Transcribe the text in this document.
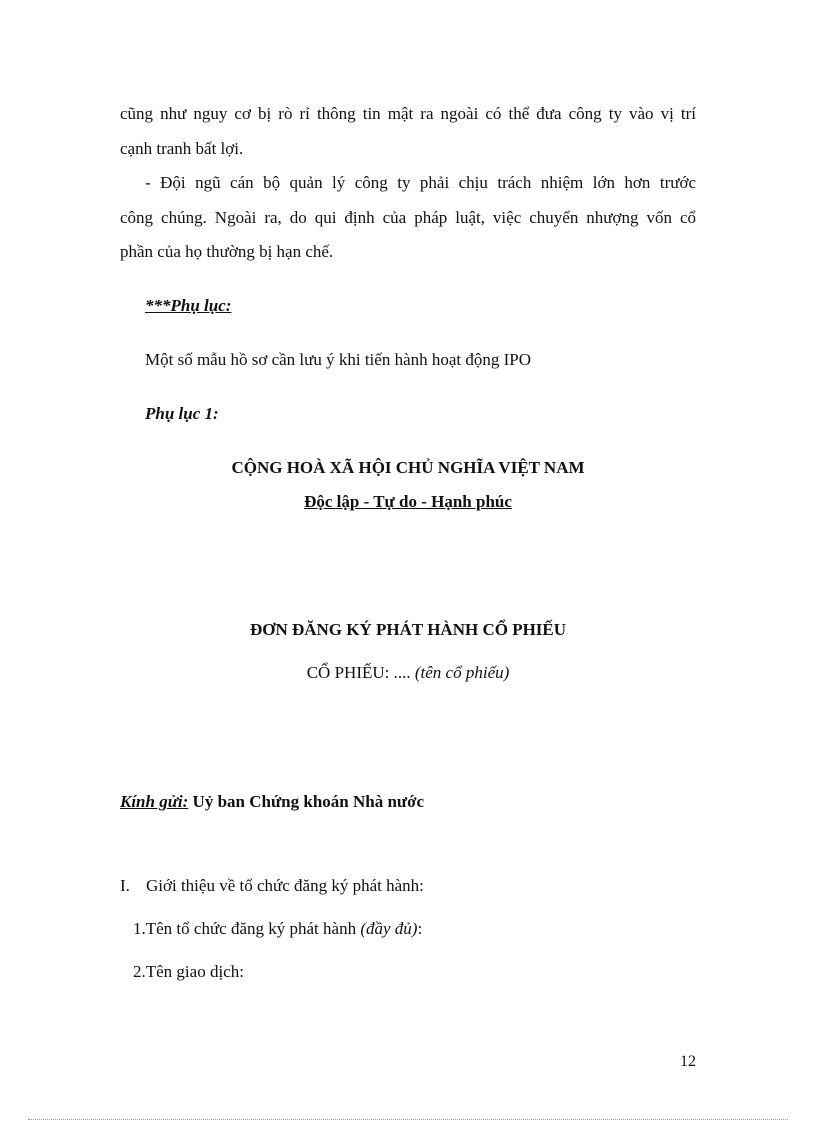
cũng như nguy cơ bị rò rỉ thông tin mật ra ngoài có thể đưa công ty vào vị trí
cạnh tranh bất lợi.
- Đội ngũ cán bộ quản lý công ty phải chịu trách nhiệm lớn hơn trước
công chúng. Ngoài ra, do qui định của pháp luật, việc chuyển nhượng vốn cổ
phần của họ thường bị hạn chế.
***Phụ lục:
Một số mẫu hồ sơ cần lưu ý khi tiến hành hoạt động IPO
Phụ lục 1:
CỘNG HOÀ XÃ HỘI CHỦ NGHĨA VIỆT NAM
Độc lập - Tự do - Hạnh phúc
ĐƠN ĐĂNG KÝ PHÁT HÀNH CỔ PHIẾU
CỔ PHIẾU: .... (tên cổ phiếu)
Kính gửi: Uỷ ban Chứng khoán Nhà nước
I. Giới thiệu về tổ chức đăng ký phát hành:
1.Tên tổ chức đăng ký phát hành (đầy đủ):
2.Tên giao dịch:
12
